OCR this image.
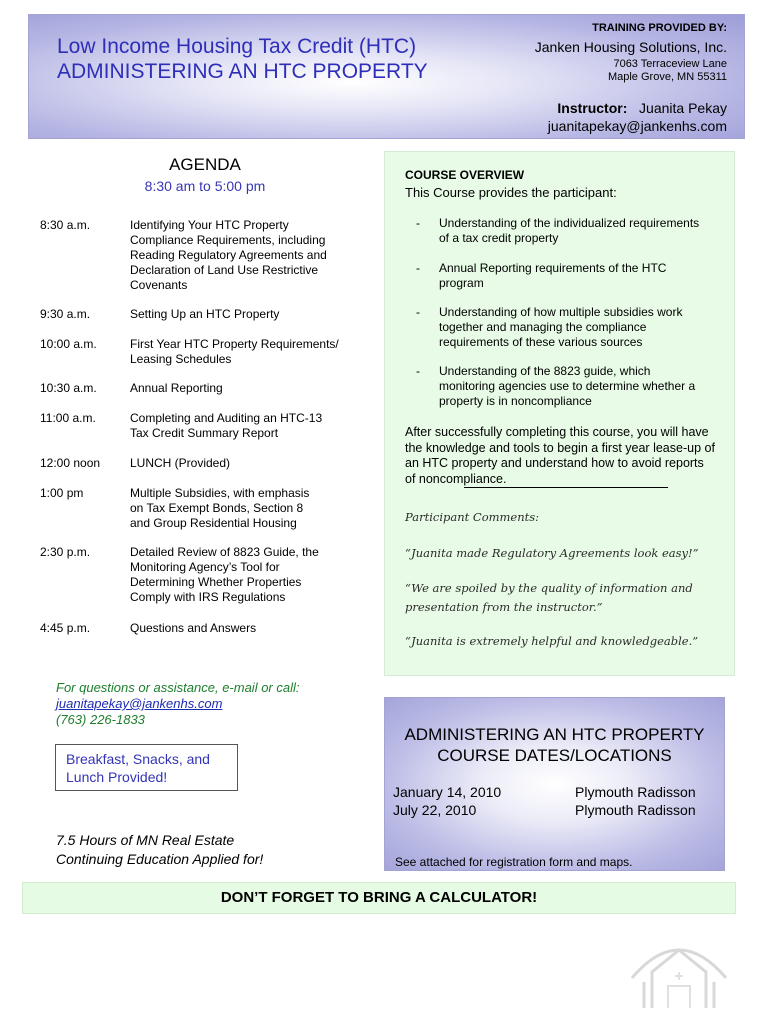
Low Income Housing Tax Credit (HTC)
ADMINISTERING AN HTC PROPERTY
TRAINING PROVIDED BY:
Janken Housing Solutions, Inc.
7063 Terraceview Lane
Maple Grove, MN 55311
Instructor: Juanita Pekay
juanitapekay@jankenhs.com
AGENDA
8:30 am to 5:00 pm
8:30 a.m.	Identifying Your HTC Property
Compliance Requirements, including
Reading Regulatory Agreements and
Declaration of Land Use Restrictive
Covenants
9:30 a.m.	Setting Up an HTC Property
10:00 a.m.	First Year HTC Property Requirements/
Leasing Schedules
10:30 a.m.	Annual Reporting
11:00 a.m.	Completing and Auditing an HTC-13
Tax Credit Summary Report
12:00 noon	LUNCH (Provided)
1:00 pm	Multiple Subsidies, with emphasis
on Tax Exempt Bonds, Section 8
and Group Residential Housing
2:30 p.m.	Detailed Review of 8823 Guide, the
Monitoring Agency’s Tool for
Determining Whether Properties
Comply with IRS Regulations
4:45 p.m.	Questions and Answers
COURSE OVERVIEW
This Course provides the participant:
- Understanding of the individualized requirements
of a tax credit property
- Annual Reporting requirements of the HTC
program
- Understanding of how multiple subsidies work
together and managing the compliance
requirements of these various sources
- Understanding of the 8823 guide, which
monitoring agencies use to determine whether a
property is in noncompliance
After successfully completing this course, you will have
the knowledge and tools to begin a first year lease-up of
an HTC property and understand how to avoid reports
of noncompliance.
Participant Comments:
“Juanita made Regulatory Agreements look easy!”
“We are spoiled by the quality of information and
presentation from the instructor.”
“Juanita is extremely helpful and knowledgeable.”
For questions or assistance, e-mail or call:
juanitapekay@jankenhs.com
(763) 226-1833
Breakfast, Snacks, and
Lunch Provided!
7.5 Hours of MN Real Estate
Continuing Education Applied for!
ADMINISTERING AN HTC PROPERTY
COURSE DATES/LOCATIONS
January 14, 2010	Plymouth Radisson
July 22, 2010	Plymouth Radisson
See attached for registration form and maps.
DON’T FORGET TO BRING A CALCULATOR!
